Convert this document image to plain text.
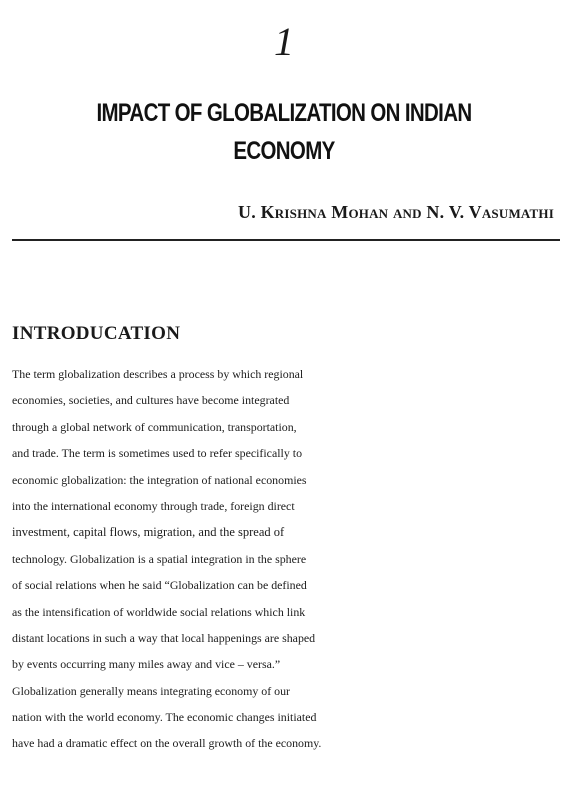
1
IMPACT OF GLOBALIZATION ON INDIAN
ECONOMY
U. Krishna Mohan and N. V. Vasumathi
INTRODUCATION
The term globalization describes a process by which regional
economies, societies, and cultures have become integrated
through a global network of communication, transportation,
and trade. The term is sometimes used to refer specifically to
economic globalization: the integration of national economies
into the international economy through trade, foreign direct
investment, capital flows, migration, and the spread of
technology. Globalization is a spatial integration in the sphere
of social relations when he said “Globalization can be defined
as the intensification of worldwide social relations which link
distant locations in such a way that local happenings are shaped
by events occurring many miles away and vice – versa.”
Globalization generally means integrating economy of our
nation with the world economy. The economic changes initiated
have had a dramatic effect on the overall growth of the economy.
